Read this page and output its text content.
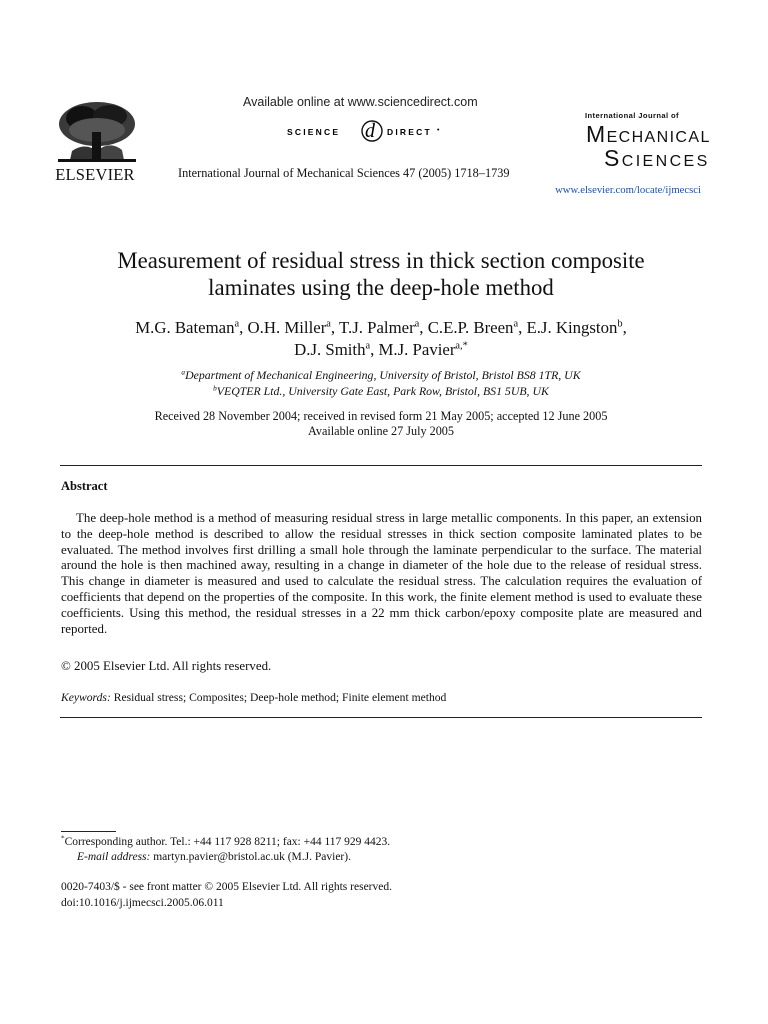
ELSEVIER
Available online at www.sciencedirect.com
SCIENCE d DIRECT •
International Journal of Mechanical Sciences 47 (2005) 1718–1739
International Journal of
MECHANICAL
SCIENCES
www.elsevier.com/locate/ijmecsci
Measurement of residual stress in thick section composite
laminates using the deep-hole method
M.G. Bateman$^a$, O.H. Miller$^a$, T.J. Palmer$^a$, C.E.P. Breen$^a$, E.J. Kingston$^b$,
D.J. Smith$^a$, M.J. Pavier$^{a,*}$
$^a$Department of Mechanical Engineering, University of Bristol, Bristol BS8 1TR, UK
$^b$VEQTER Ltd., University Gate East, Park Row, Bristol, BS1 5UB, UK
Received 28 November 2004; received in revised form 21 May 2005; accepted 12 June 2005
Available online 27 July 2005
Abstract
The deep-hole method is a method of measuring residual stress in large metallic components. In this paper, an extension to the deep-hole method is described to allow the residual stresses in thick section composite laminated plates to be evaluated. The method involves first drilling a small hole through the laminate perpendicular to the surface. The material around the hole is then machined away, resulting in a change in diameter of the hole due to the release of residual stress. This change in diameter is measured and used to calculate the residual stress. The calculation requires the evaluation of coefficients that depend on the properties of the composite. In this work, the finite element method is used to evaluate these coefficients. Using this method, the residual stresses in a 22 mm thick carbon/epoxy composite plate are measured and reported.
© 2005 Elsevier Ltd. All rights reserved.
Keywords: Residual stress; Composites; Deep-hole method; Finite element method
*Corresponding author. Tel.: +44 117 928 8211; fax: +44 117 929 4423.
E-mail address: martyn.pavier@bristol.ac.uk (M.J. Pavier).
0020-7403/$ - see front matter © 2005 Elsevier Ltd. All rights reserved.
doi:10.1016/j.ijmecsci.2005.06.011
